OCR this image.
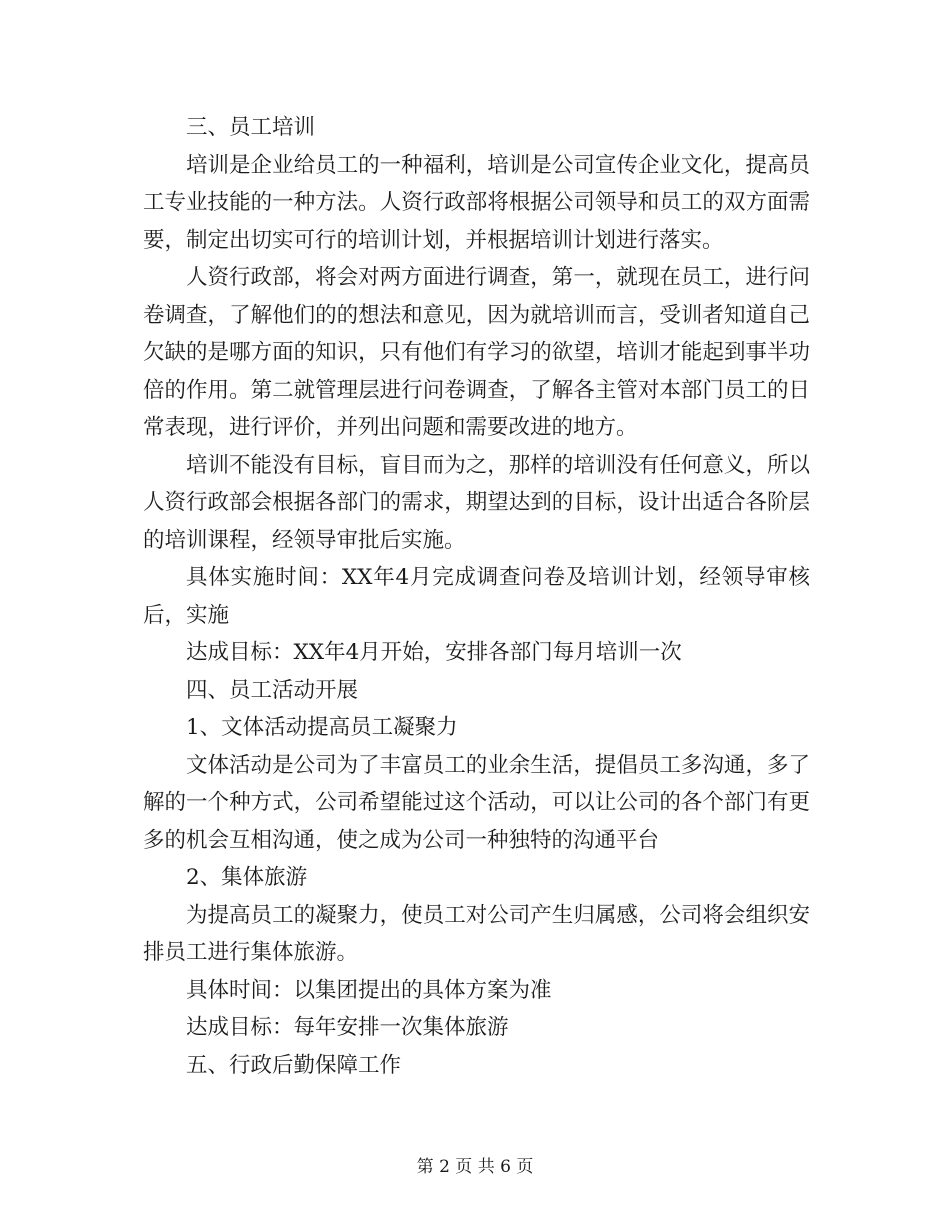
三、员工培训

培训是企业给员工的一种福利，培训是公司宣传企业文化，提高员工专业技能的一种方法。人资行政部将根据公司领导和员工的双方面需要，制定出切实可行的培训计划，并根据培训计划进行落实。

人资行政部，将会对两方面进行调查，第一，就现在员工，进行问卷调查，了解他们的的想法和意见，因为就培训而言，受训者知道自己欠缺的是哪方面的知识，只有他们有学习的欲望，培训才能起到事半功倍的作用。第二就管理层进行问卷调查，了解各主管对本部门员工的日常表现，进行评价，并列出问题和需要改进的地方。

培训不能没有目标，盲目而为之，那样的培训没有任何意义，所以人资行政部会根据各部门的需求，期望达到的目标，设计出适合各阶层的培训课程，经领导审批后实施。

具体实施时间：XX年4月完成调查问卷及培训计划，经领导审核后，实施

达成目标：XX年4月开始，安排各部门每月培训一次

四、员工活动开展

1、文体活动提高员工凝聚力

文体活动是公司为了丰富员工的业余生活，提倡员工多沟通，多了解的一个种方式，公司希望能过这个活动，可以让公司的各个部门有更多的机会互相沟通，使之成为公司一种独特的沟通平台

2、集体旅游

为提高员工的凝聚力，使员工对公司产生归属感，公司将会组织安排员工进行集体旅游。

具体时间：以集团提出的具体方案为准

达成目标：每年安排一次集体旅游

五、行政后勤保障工作

第 2 页 共 6 页
